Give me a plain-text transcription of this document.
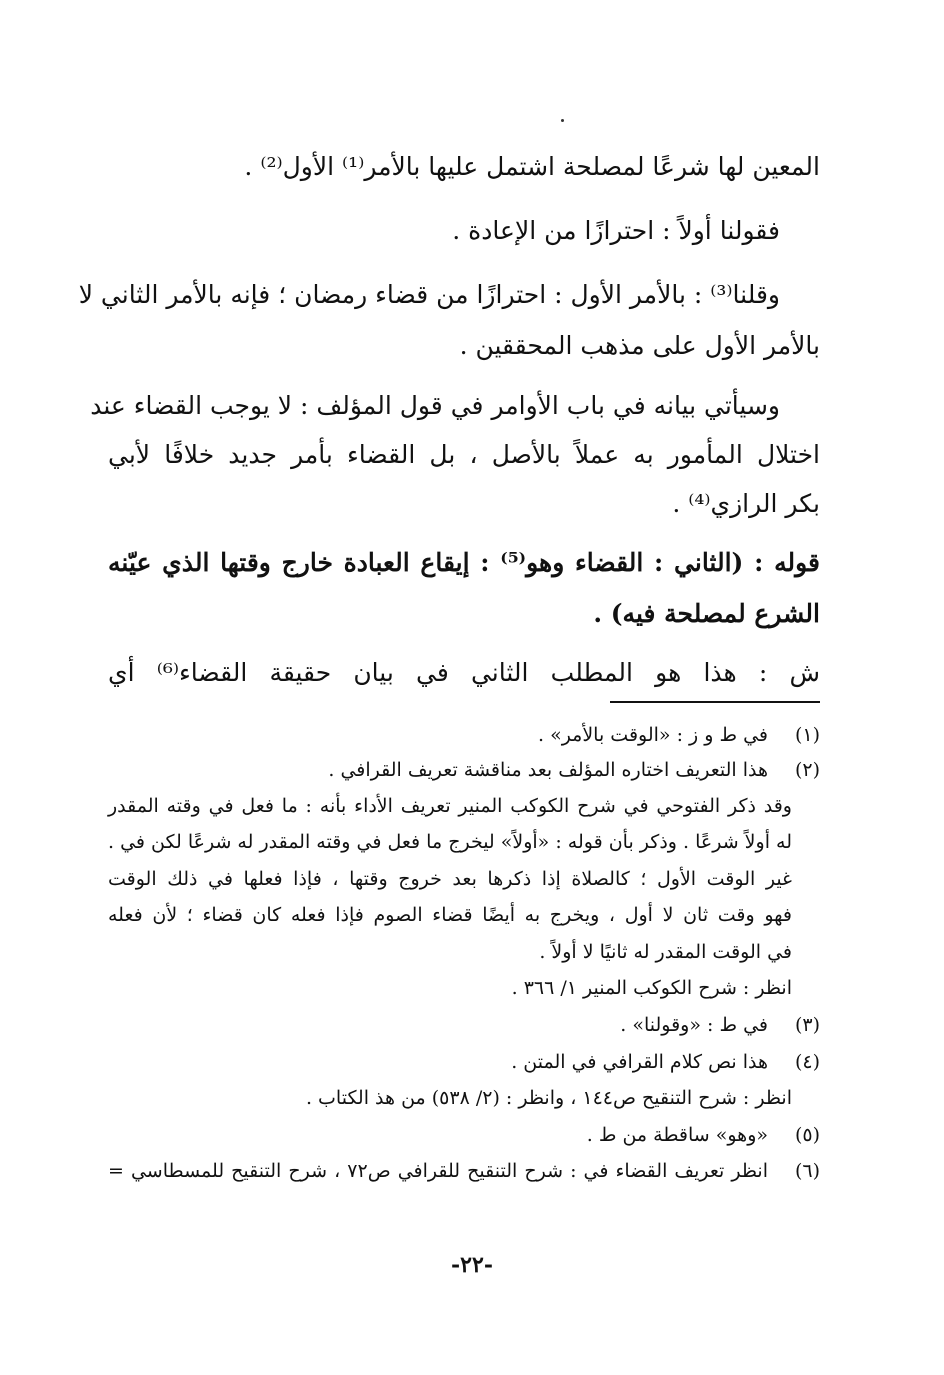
المعين لها شرعًا لمصلحة اشتمل عليها بالأمر⁽¹⁾ الأول⁽²⁾ .
فقولنا أولاً : احترازًا من الإعادة .
وقلنا⁽³⁾ : بالأمر الأول : احترازًا من قضاء رمضان ؛ فإنه بالأمر الثاني لا
بالأمر الأول على مذهب المحققين .
وسيأتي بيانه في باب الأوامر في قول المؤلف : لا يوجب القضاء عند
اختلال المأمور به عملاً بالأصل ، بل القضاء بأمر جديد خلافًا لأبي
بكر الرازي⁽⁴⁾ .
قوله : (الثاني : القضاء وهو⁽⁵⁾ : إيقاع العبادة خارج وقتها الذي عيّنه
الشرع لمصلحة فيه) .
ش : هذا هو المطلب الثاني في بيان حقيقة القضاء⁽⁶⁾ أي
(١)في ط و ز : «الوقت بالأمر» .
(٢)هذا التعريف اختاره المؤلف بعد مناقشة تعريف القرافي .
وقد ذكر الفتوحي في شرح الكوكب المنير تعريف الأداء بأنه : ما فعل في وقته المقدر
له أولاً شرعًا . وذكر بأن قوله : «أولاً» ليخرج ما فعل في وقته المقدر له شرعًا لكن في .
غير الوقت الأول ؛ كالصلاة إذا ذكرها بعد خروج وقتها ، فإذا فعلها في ذلك الوقت
فهو وقت ثان لا أول ، ويخرج به أيضًا قضاء الصوم فإذا فعله كان قضاء ؛ لأن فعله
في الوقت المقدر له ثانيًا لا أولاً .
انظر : شرح الكوكب المنير ١/ ٣٦٦ .
(٣)في ط : «وقولنا» .
(٤)هذا نص كلام القرافي في المتن .
انظر : شرح التنقيح ص١٤٤ ، وانظر : (٢/ ٥٣٨) من هذ الكتاب .
(٥)«وهو» ساقطة من ط .
(٦)انظر تعريف القضاء في : شرح التنقيح للقرافي ص٧٢ ، شرح التنقيح للمسطاسي =
-٢٢-
